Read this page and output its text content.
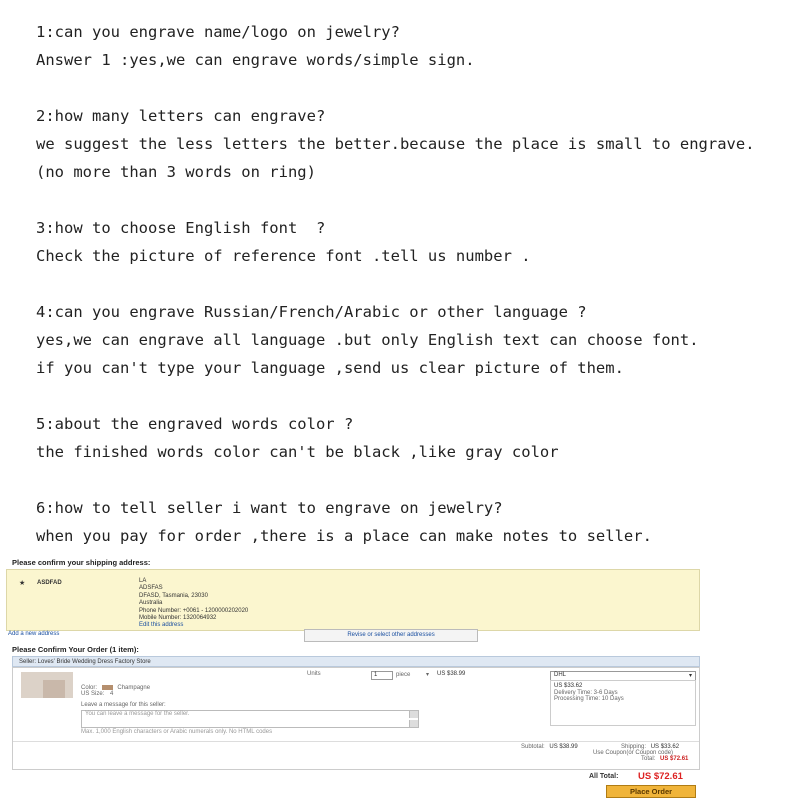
1:can you engrave name/logo on jewelry?
Answer 1 :yes,we can engrave words/simple sign.
2:how many letters can engrave?
we suggest the less letters the better.because the place is small to engrave.
(no more than 3 words on ring)
3:how to choose English font  ?
Check the picture of reference font .tell us number .
4:can you engrave Russian/French/Arabic or other language ?
yes,we can engrave all language .but only English text can choose font.
if you can't type your language ,send us clear picture of them.
5:about the engraved words color ?
the finished words color can't be black ,like gray color
6:how to tell seller i want to engrave on jewelry?
when you pay for order ,there is a place can make notes to seller.
Please confirm your shipping address:
★ ASDFAD	LA
ADSFAS
DFASD, Tasmania, 23030
Australia
Phone Number: +0061 - 1200000202020
Mobile Number: 1320064932
Edit this address
Add a new address	Revise or select other addresses
Please Confirm Your Order (1 item):
Seller: Loves' Bride Wedding Dress Factory Store
Color:	Champagne
US Size: 4
Units	1	piece	▾ US $38.99	DHL	▾
US $33.62
Delivery Time: 3-6 Days
Processing Time: 10 Days
Leave a message for this seller:
You can leave a message for the seller.
Max. 1,000 English characters or Arabic numerals only. No HTML codes
Subtotal: US $38.99	Shipping: US $33.62
Use Coupon(or Coupon code)
Total: US $72.61
All Total: US $72.61
Place Order
